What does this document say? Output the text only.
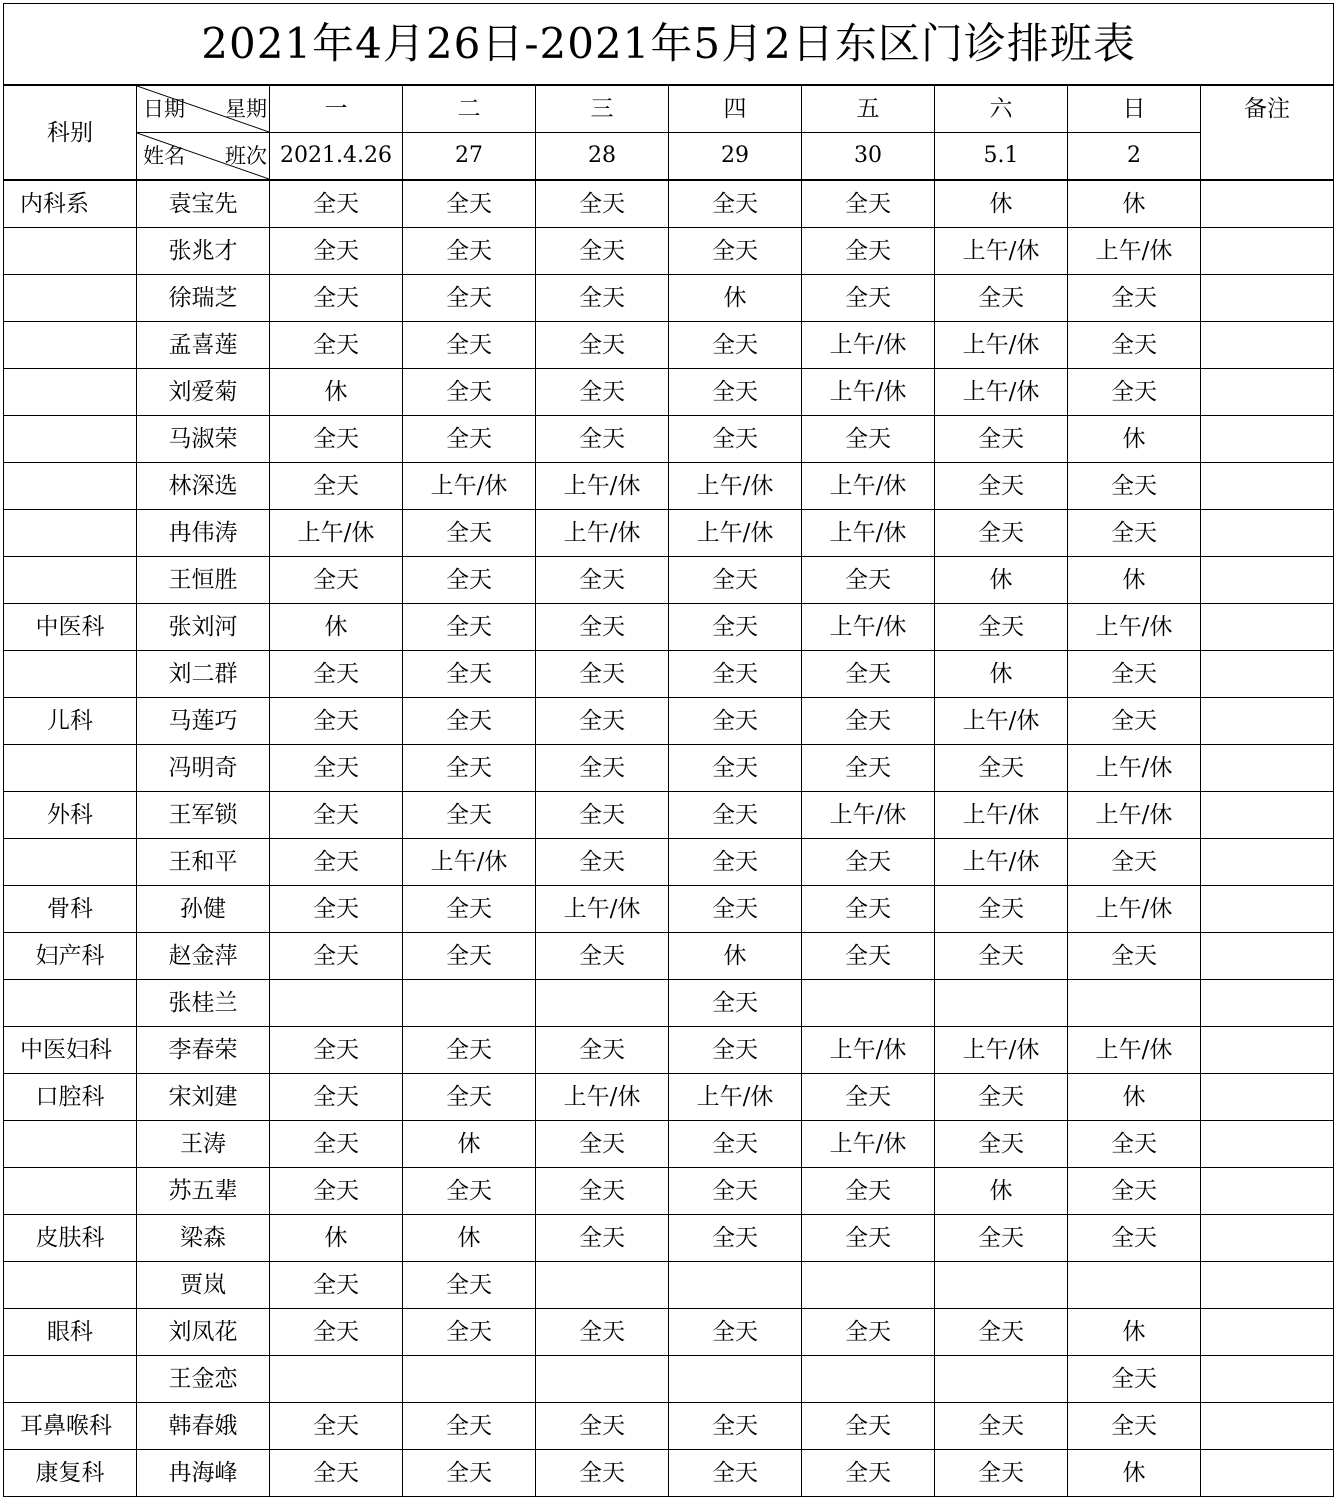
2021年4月26日-2021年5月2日东区门诊排班表									
科别	日期 星期	一	二	三	四	五	六	日	备注

	姓名 班次	2021.4.26	27	28	29	30	5.1	2	
内科系	袁宝先	全天	全天	全天	全天	全天	休	休	
	张兆才	全天	全天	全天	全天	全天	上午/休	上午/休	
	徐瑞芝	全天	全天	全天	休	全天	全天	全天	
	孟喜莲	全天	全天	全天	全天	上午/休	上午/休	全天	
	刘爱菊	休	全天	全天	全天	上午/休	上午/休	全天	
	马淑荣	全天	全天	全天	全天	全天	全天	休	
	林深选	全天	上午/休	上午/休	上午/休	上午/休	全天	全天	
	冉伟涛	上午/休	全天	上午/休	上午/休	上午/休	全天	全天	
	王恒胜	全天	全天	全天	全天	全天	休	休	
中医科	张刘河	休	全天	全天	全天	上午/休	全天	上午/休	
	刘二群	全天	全天	全天	全天	全天	休	全天	
儿科	马莲巧	全天	全天	全天	全天	全天	上午/休	全天	
	冯明奇	全天	全天	全天	全天	全天	全天	上午/休	
外科	王军锁	全天	全天	全天	全天	上午/休	上午/休	上午/休	
	王和平	全天	上午/休	全天	全天	全天	上午/休	全天	
骨科	孙健	全天	全天	上午/休	全天	全天	全天	上午/休	
妇产科	赵金萍	全天	全天	全天	休	全天	全天	全天	
	张桂兰				全天				
中医妇科	李春荣	全天	全天	全天	全天	上午/休	上午/休	上午/休	
口腔科	宋刘建	全天	全天	上午/休	上午/休	全天	全天	休	
	王涛	全天	休	全天	全天	上午/休	全天	全天	
	苏五辈	全天	全天	全天	全天	全天	休	全天	
皮肤科	梁森	休	休	全天	全天	全天	全天	全天	
	贾岚	全天	全天						
眼科	刘凤花	全天	全天	全天	全天	全天	全天	休	
	王金恋							全天	
耳鼻喉科	韩春娥	全天	全天	全天	全天	全天	全天	全天	
康复科	冉海峰	全天	全天	全天	全天	全天	全天	休	
